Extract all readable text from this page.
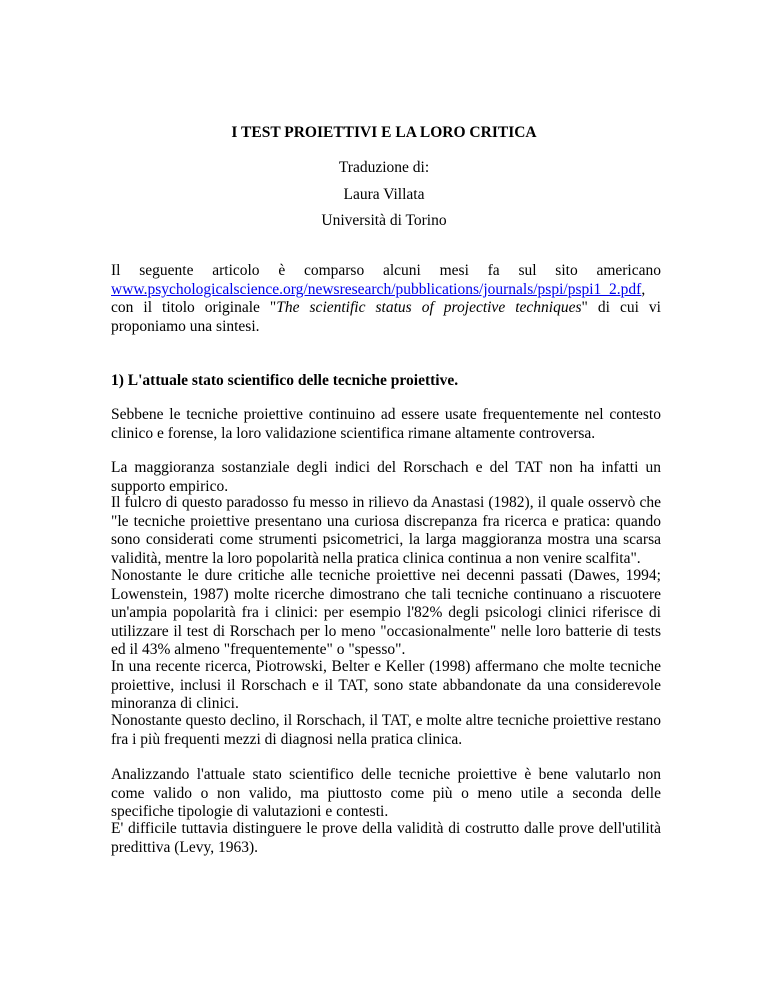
I TEST PROIETTIVI E LA LORO CRITICA
Traduzione di:
Laura Villata
Università di Torino
Il seguente articolo è comparso alcuni mesi fa sul sito americano
www.psychologicalscience.org/newsresearch/pubblications/journals/pspi/pspi1_2.pdf,
con il titolo originale "The scientific status of projective techniques" di cui vi
proponiamo una sintesi.
1) L'attuale stato scientifico delle tecniche proiettive.
Sebbene le tecniche proiettive continuino ad essere usate frequentemente nel contesto clinico e forense, la loro validazione scientifica rimane altamente controversa.
La maggioranza sostanziale degli indici del Rorschach e del TAT non ha infatti un supporto empirico.
Il fulcro di questo paradosso fu messo in rilievo da Anastasi (1982), il quale osservò che "le tecniche proiettive presentano una curiosa discrepanza fra ricerca e pratica: quando sono considerati come strumenti psicometrici, la larga maggioranza mostra una scarsa validità, mentre la loro popolarità nella pratica clinica continua a non venire scalfita".
Nonostante le dure critiche alle tecniche proiettive nei decenni passati (Dawes, 1994; Lowenstein, 1987) molte ricerche dimostrano che tali tecniche continuano a riscuotere un'ampia popolarità fra i clinici: per esempio l'82% degli psicologi clinici riferisce di utilizzare il test di Rorschach per lo meno "occasionalmente" nelle loro batterie di tests ed il 43% almeno "frequentemente" o "spesso".
In una recente ricerca, Piotrowski, Belter e Keller (1998) affermano che molte tecniche proiettive, inclusi il Rorschach e il TAT, sono state abbandonate da una considerevole minoranza di clinici.
Nonostante questo declino, il Rorschach, il TAT, e molte altre tecniche proiettive restano fra i più frequenti mezzi di diagnosi nella pratica clinica.
Analizzando l'attuale stato scientifico delle tecniche proiettive è bene valutarlo non come valido o non valido, ma piuttosto come più o meno utile a seconda delle specifiche tipologie di valutazioni e contesti.
E' difficile tuttavia distinguere le prove della validità di costrutto dalle prove dell'utilità predittiva (Levy, 1963).
